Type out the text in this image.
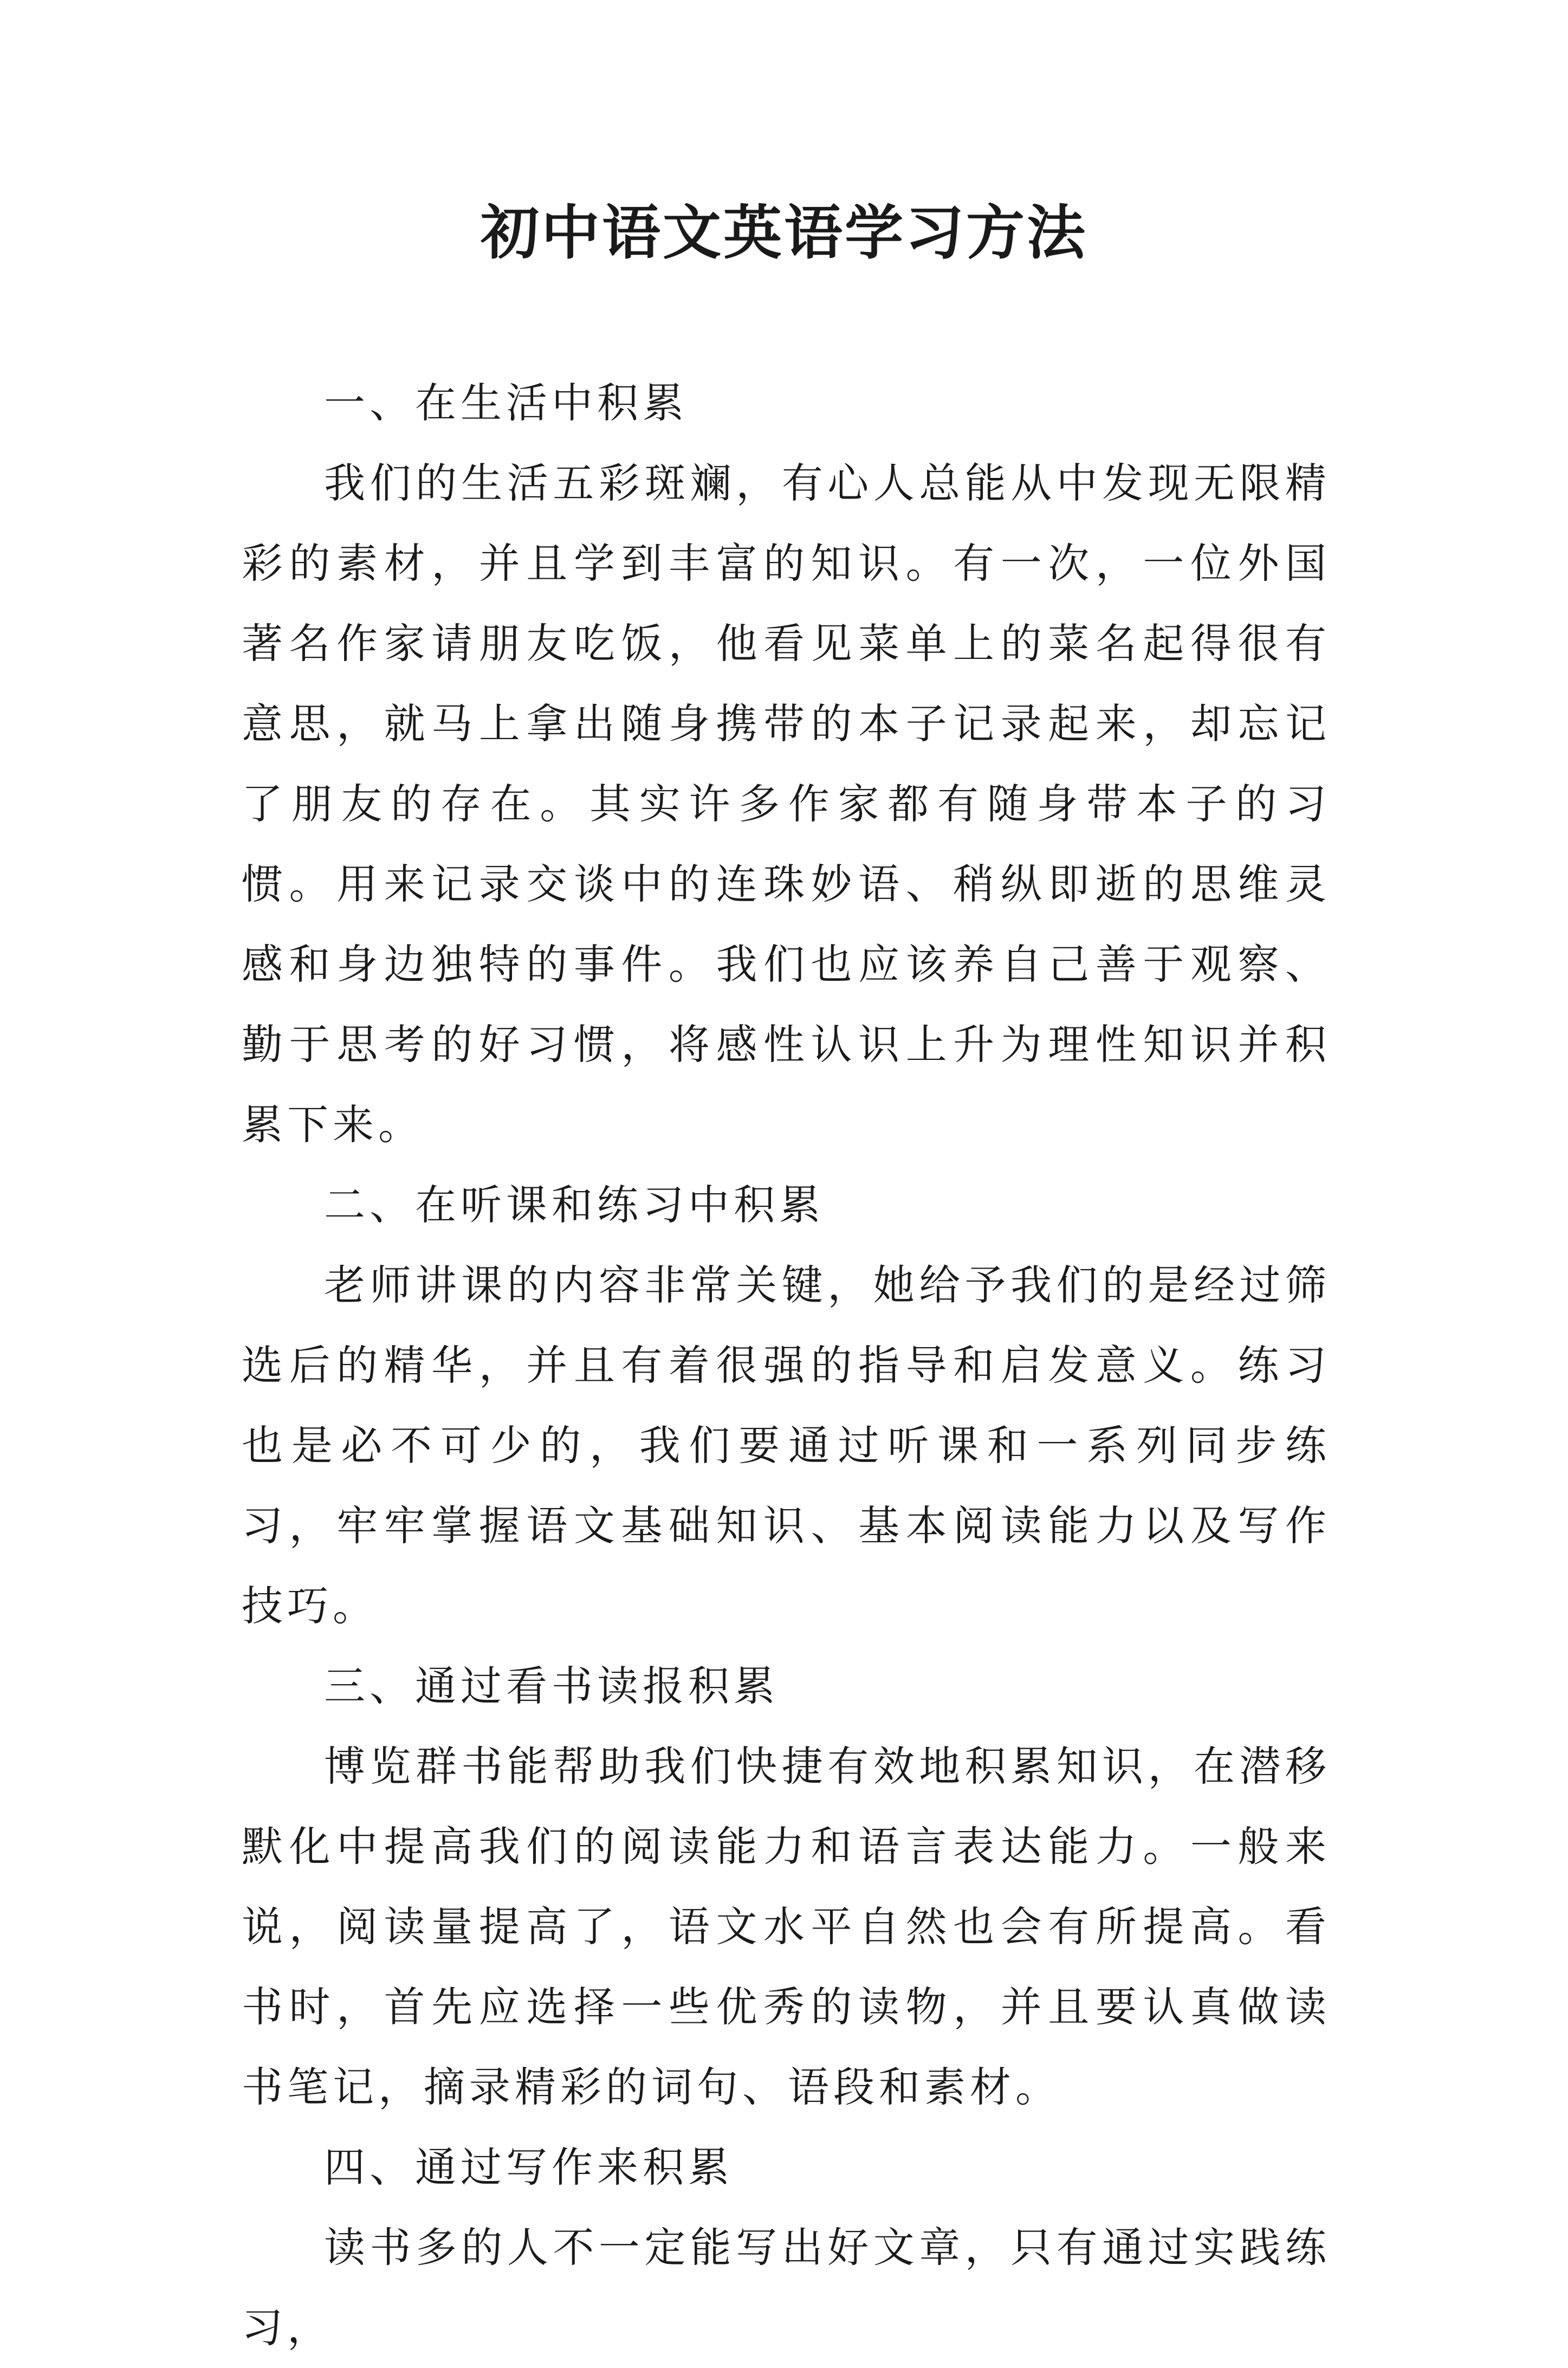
初中语文英语学习方法

一、在生活中积累

我们的生活五彩斑斓，有心人总能从中发现无限精彩的素材，并且学到丰富的知识。有一次，一位外国著名作家请朋友吃饭，他看见菜单上的菜名起得很有意思，就马上拿出随身携带的本子记录起来，却忘记了朋友的存在。其实许多作家都有随身带本子的习惯。用来记录交谈中的连珠妙语、稍纵即逝的思维灵感和身边独特的事件。我们也应该养自己善于观察、勤于思考的好习惯，将感性认识上升为理性知识并积累下来。

二、在听课和练习中积累

老师讲课的内容非常关键，她给予我们的是经过筛选后的精华，并且有着很强的指导和启发意义。练习也是必不可少的，我们要通过听课和一系列同步练习，牢牢掌握语文基础知识、基本阅读能力以及写作技巧。

三、通过看书读报积累

博览群书能帮助我们快捷有效地积累知识，在潜移默化中提高我们的阅读能力和语言表达能力。一般来说，阅读量提高了，语文水平自然也会有所提高。看书时，首先应选择一些优秀的读物，并且要认真做读书笔记，摘录精彩的词句、语段和素材。

四、通过写作来积累

读书多的人不一定能写出好文章，只有通过实践练习，
